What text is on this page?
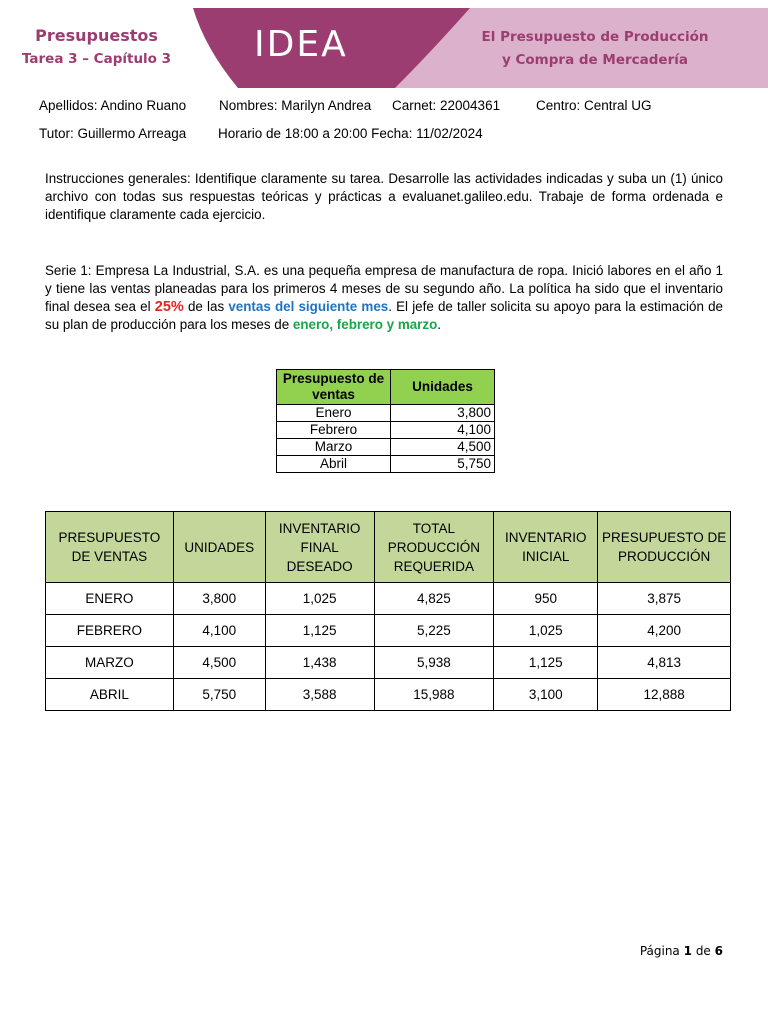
Presupuestos
Tarea 3 – Capítulo 3	IDEA	El Presupuesto de Producción
y Compra de Mercadería
Apellidos: Andino Ruano Nombres: Marilyn Andrea Carnet: 22004361	Centro: Central UG
Tutor: Guillermo Arreaga Horario de 18:00 a 20:00 Fecha: 11/02/2024
Instrucciones generales: Identifique claramente su tarea. Desarrolle las actividades indicadas y suba un (1) único archivo con todas sus respuestas teóricas y prácticas a evaluanet.galileo.edu. Trabaje de forma ordenada e identifique claramente cada ejercicio.
Serie 1: Empresa La Industrial, S.A. es una pequeña empresa de manufactura de ropa. Inició labores en el año 1 y tiene las ventas planeadas para los primeros 4 meses de su segundo año. La política ha sido que el inventario final desea sea el 25% de las ventas del siguiente mes. El jefe de taller solicita su apoyo para la estimación de su plan de producción para los meses de enero, febrero y marzo.
Presupuesto de ventas	Unidades
Enero	3,800
Febrero	4,100
Marzo	4,500
Abril	5,750
PRESUPUESTO DE VENTAS	UNIDADES	INVENTARIO FINAL DESEADO	TOTAL PRODUCCIÓN REQUERIDA	INVENTARIO INICIAL	PRESUPUESTO DE PRODUCCIÓN
ENERO	3,800	1,025	4,825	950	3,875
FEBRERO	4,100	1,125	5,225	1,025	4,200
MARZO	4,500	1,438	5,938	1,125	4,813
ABRIL	5,750	3,588	15,988	3,100	12,888
Página 1 de 6
